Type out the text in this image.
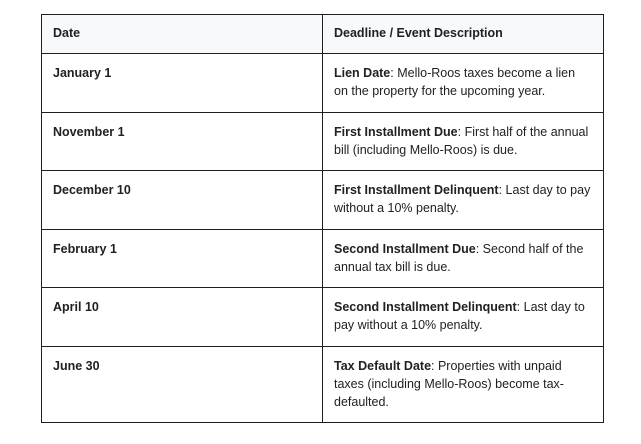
Date	Deadline / Event Description
January 1	Lien Date: Mello-Roos taxes become a lien on the property for the upcoming year.
November 1	First Installment Due: First half of the annual bill (including Mello-Roos) is due.
December 10	First Installment Delinquent: Last day to pay without a 10% penalty.
February 1	Second Installment Due: Second half of the annual tax bill is due.
April 10	Second Installment Delinquent: Last day to pay without a 10% penalty.
June 30	Tax Default Date: Properties with unpaid taxes (including Mello-Roos) become tax-defaulted.
